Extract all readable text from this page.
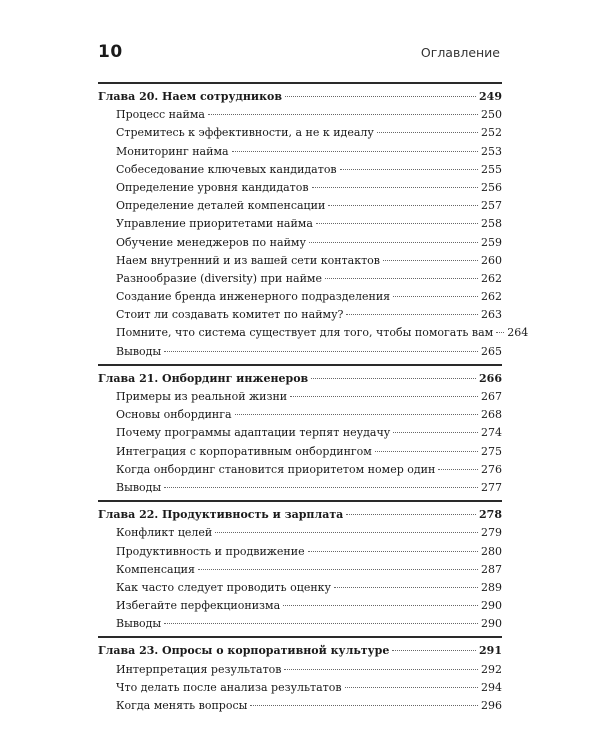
10	Оглавление
Глава 20. Наем сотрудников	249
Процесс найма	250
Стремитесь к эффективности, а не к идеалу	252
Мониторинг найма	253
Собеседование ключевых кандидатов	255
Определение уровня кандидатов	256
Определение деталей компенсации	257
Управление приоритетами найма	258
Обучение менеджеров по найму	259
Наем внутренний и из вашей сети контактов	260
Разнообразие (diversity) при найме	262
Создание бренда инженерного подразделения	262
Стоит ли создавать комитет по найму?	263
Помните, что система существует для того, чтобы помогать вам 264
Выводы	265
Глава 21. Онбординг инженеров	266
Примеры из реальной жизни	267
Основы онбординга	268
Почему программы адаптации терпят неудачу	274
Интеграция с корпоративным онбордингом	275
Когда онбординг становится приоритетом номер один	276
Выводы	277
Глава 22. Продуктивность и зарплата	278
Конфликт целей	279
Продуктивность и продвижение	280
Компенсация	287
Как часто следует проводить оценку	289
Избегайте перфекционизма	290
Выводы	290
Глава 23. Опросы о корпоративной культуре	291
Интерпретация результатов	292
Что делать после анализа результатов	294
Когда менять вопросы	296
